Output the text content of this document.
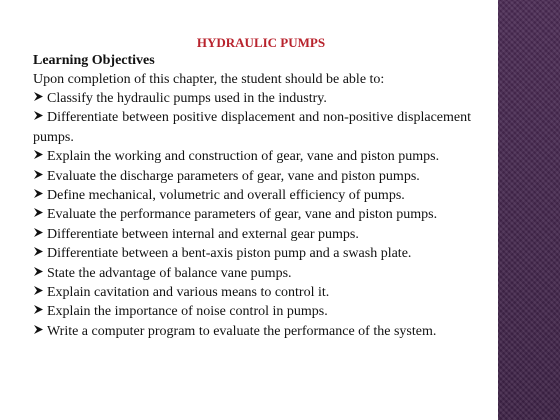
HYDRAULIC PUMPS
Learning Objectives

Upon completion of this chapter, the student should be able to:

Classify the hydraulic pumps used in the industry.
Differentiate between positive displacement and non-positive displacement pumps.
Explain the working and construction of gear, vane and piston pumps.
Evaluate the discharge parameters of gear, vane and piston pumps.
Define mechanical, volumetric and overall efficiency of pumps.
Evaluate the performance parameters of gear, vane and piston pumps.
Differentiate between internal and external gear pumps.
Differentiate between a bent-axis piston pump and a swash plate.
State the advantage of balance vane pumps.
Explain cavitation and various means to control it.
Explain the importance of noise control in pumps.
Write a computer program to evaluate the performance of the system.
